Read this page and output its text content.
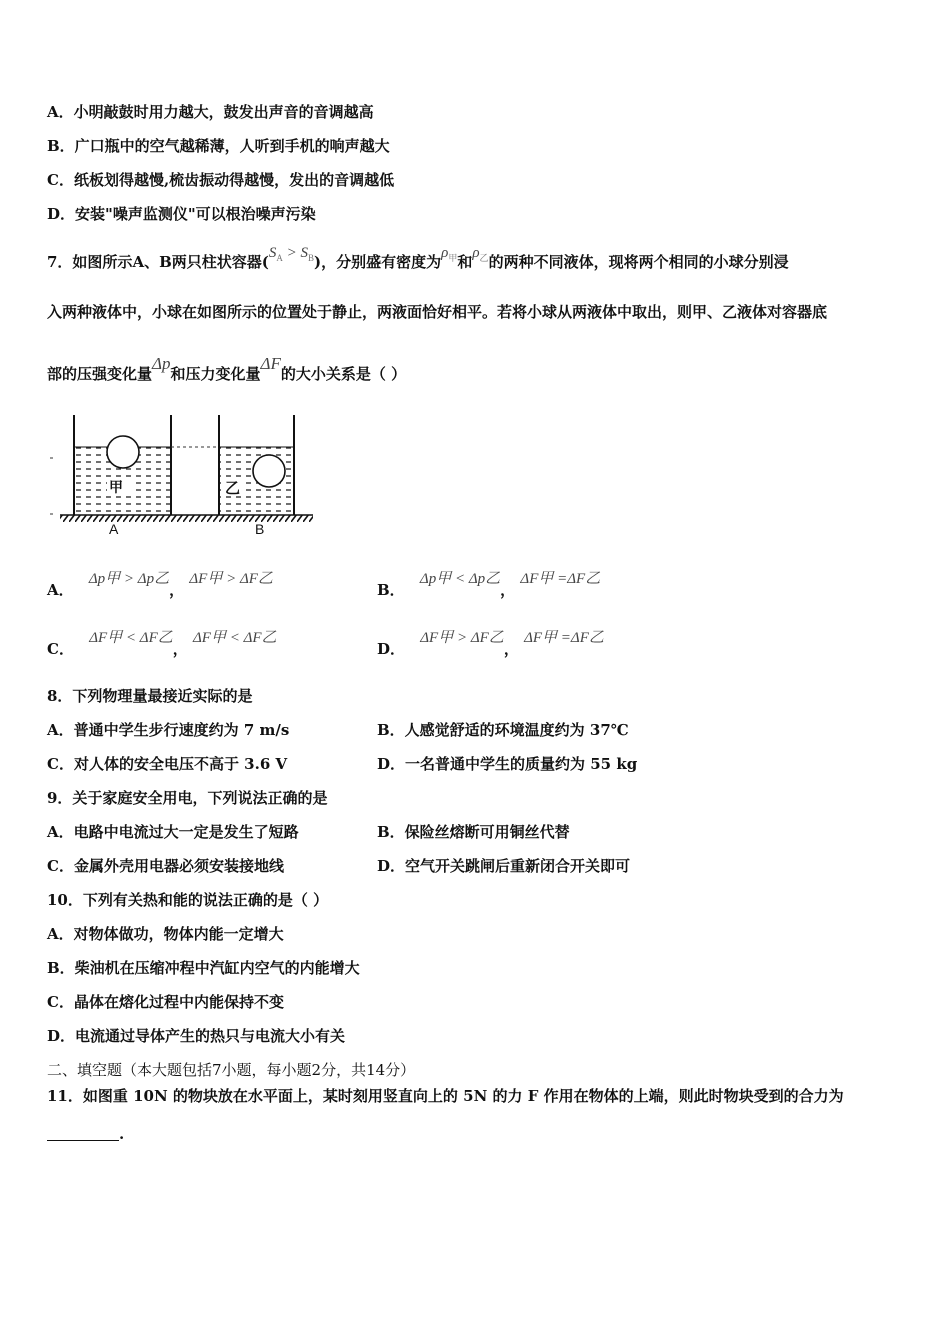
A．小明敲鼓时用力越大，鼓发出声音的音调越高
B．广口瓶中的空气越稀薄，人听到手机的响声越大
C．纸板划得越慢,梳齿振动得越慢，发出的音调越低
D．安装"噪声监测仪"可以根治噪声污染
7．如图所示A、B两只柱状容器$(S_A > S_B)$，分别盛有密度为$\rho_甲$和$\rho_乙$的两种不同液体，现将两个相同的小球分别浸
入两种液体中，小球在如图所示的位置处于静止，两液面恰好相平。若将小球从两液体中取出，则甲、乙液体对容器底
部的压强变化量Δp和压力变化量ΔF的大小关系是（ ）
甲	乙
A	B
A． Δp甲 > Δp乙， ΔF甲 > ΔF乙
B． Δp甲 < Δp乙， ΔF甲 =ΔF乙
C． ΔF甲 < ΔF乙， ΔF甲 < ΔF乙
D． ΔF甲 > ΔF乙， ΔF甲 =ΔF乙
8．下列物理量最接近实际的是
A．普通中学生步行速度约为 7 m/s	B．人感觉舒适的环境温度约为 37℃
C．对人体的安全电压不高于 3.6 V	D．一名普通中学生的质量约为 55 kg
9．关于家庭安全用电，下列说法正确的是
A．电路中电流过大一定是发生了短路	B．保险丝熔断可用铜丝代替
C．金属外壳用电器必须安装接地线	D．空气开关跳闸后重新闭合开关即可
10．下列有关热和能的说法正确的是（ ）
A．对物体做功，物体内能一定增大
B．柴油机在压缩冲程中汽缸内空气的内能增大
C．晶体在熔化过程中内能保持不变
D．电流通过导体产生的热只与电流大小有关
二、填空题（本大题包括7小题，每小题2分，共14分）
11．如图重 10N 的物块放在水平面上，某时刻用竖直向上的 5N 的力 F 作用在物体的上端，则此时物块受到的合力为
.
